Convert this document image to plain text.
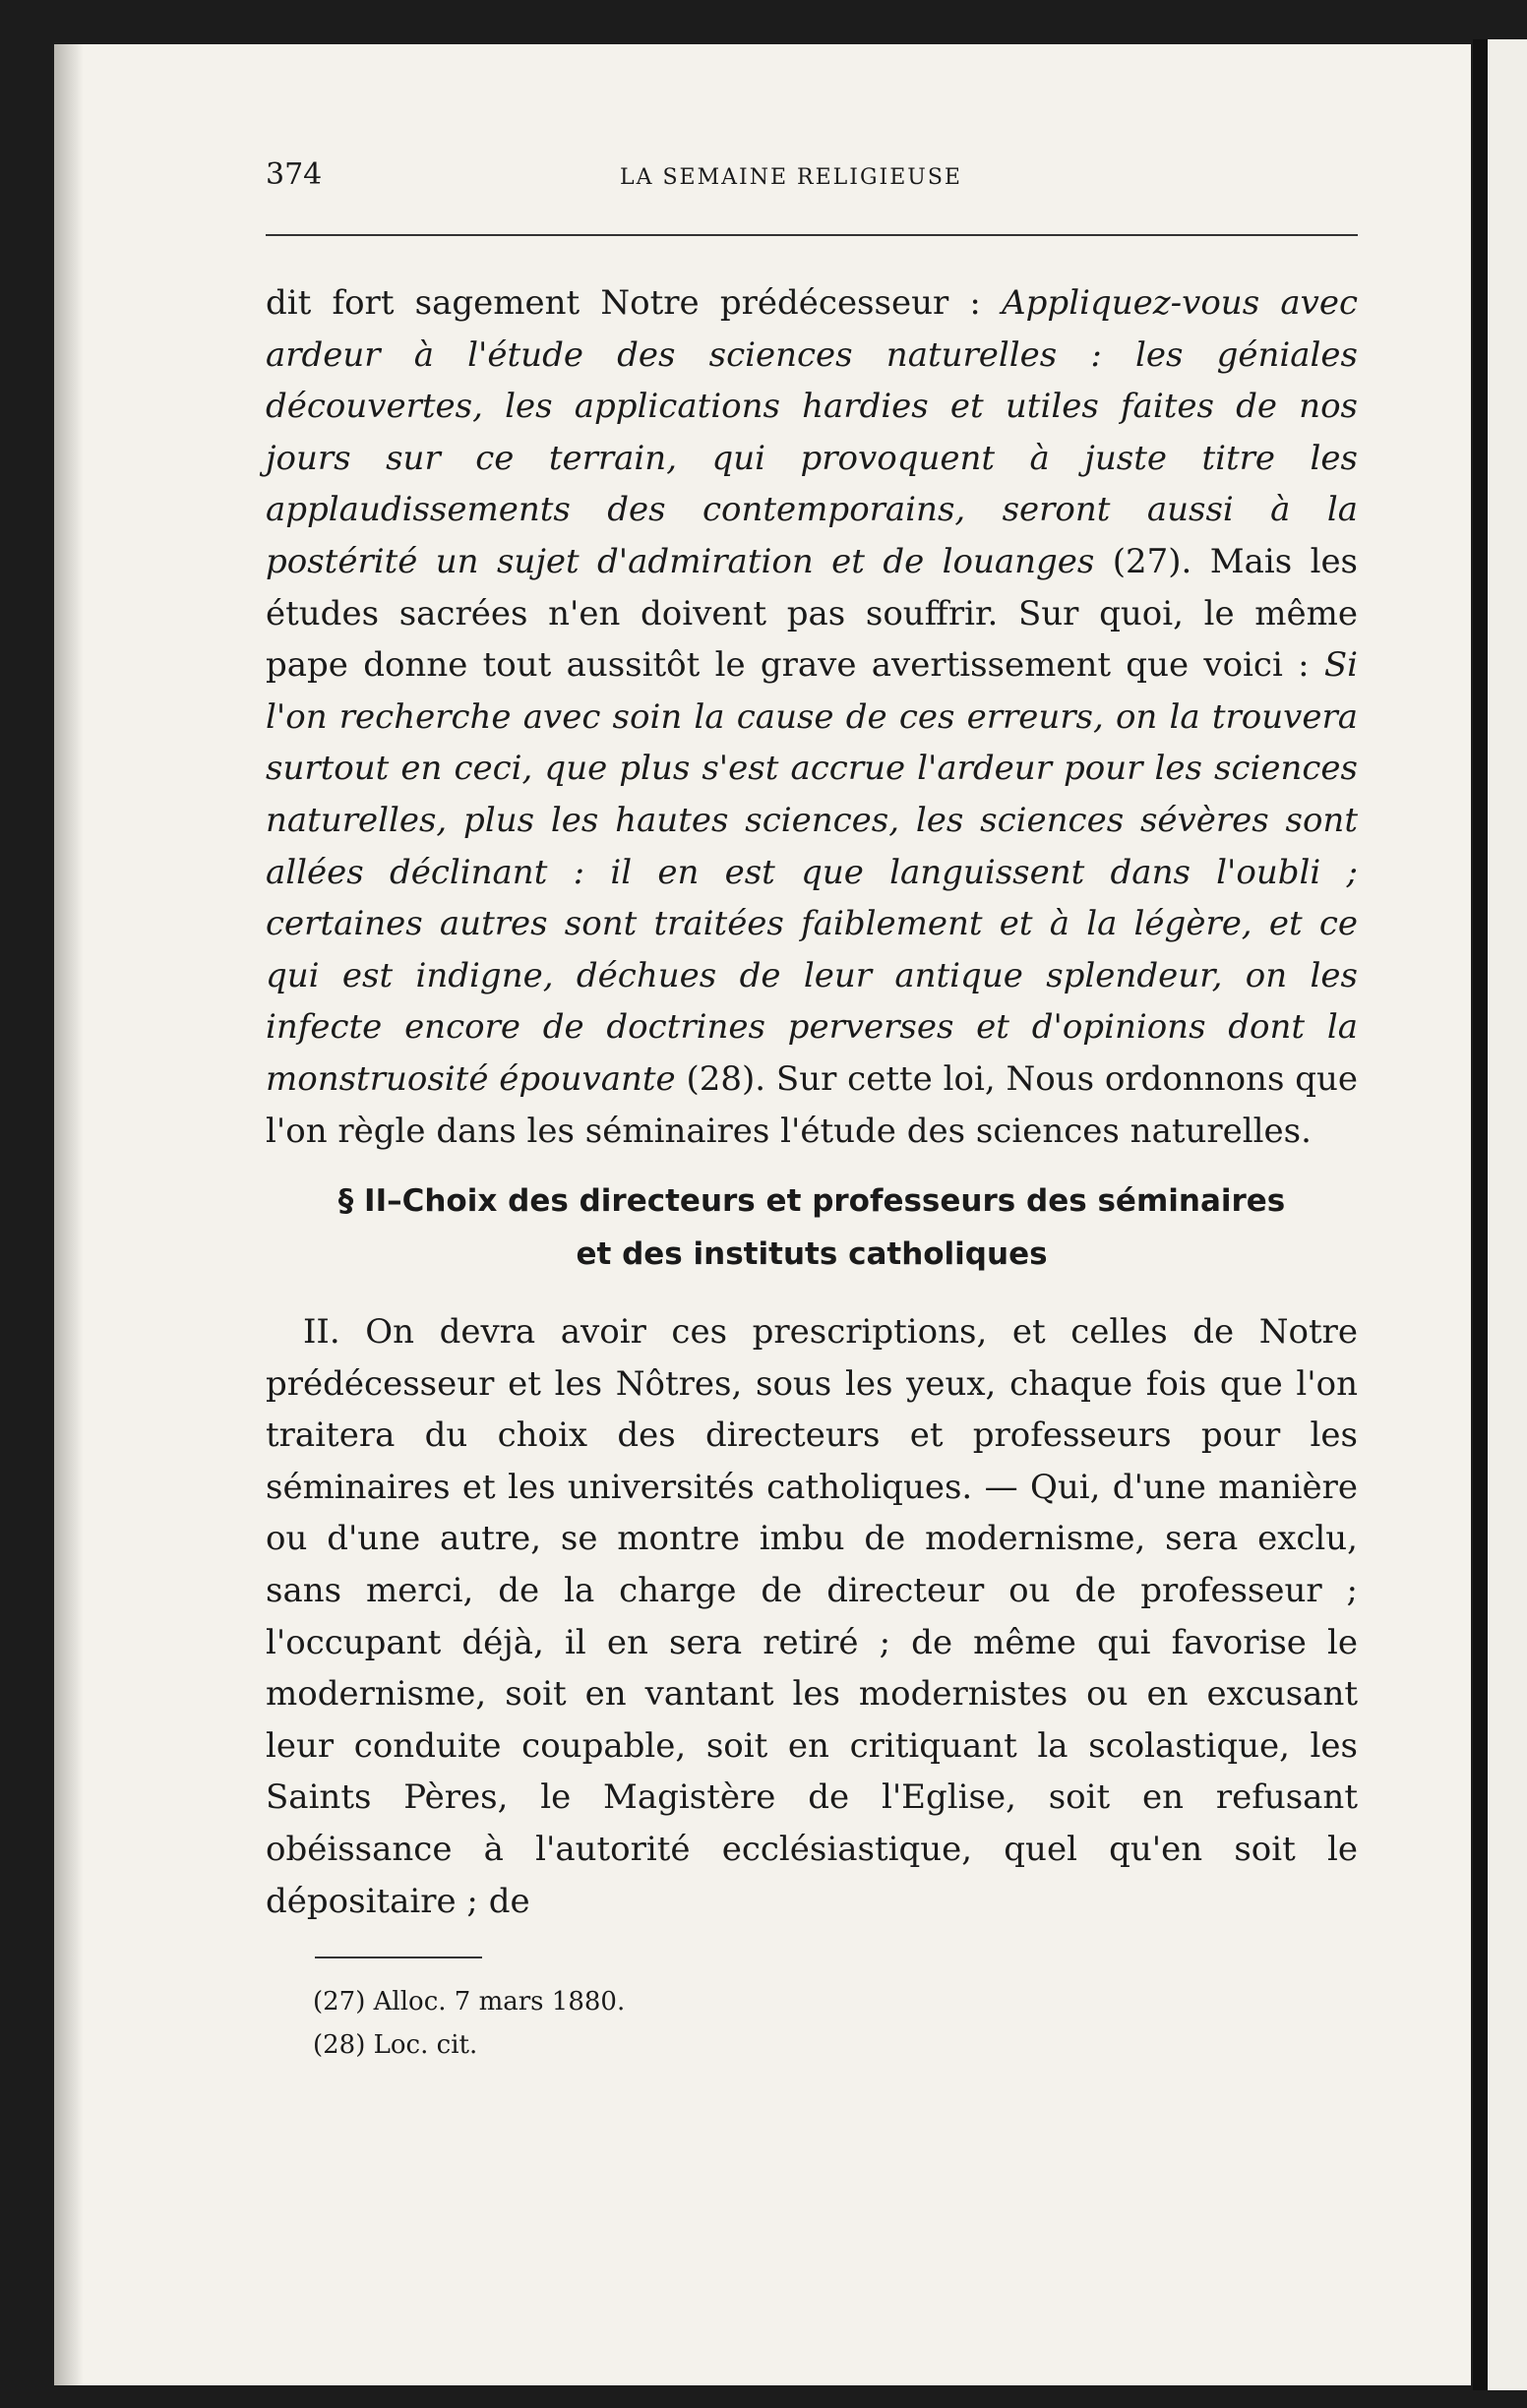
374	LA SEMAINE RELIGIEUSE

dit fort sagement Notre prédécesseur : Appliquez-vous avec ardeur à l'étude des sciences naturelles : les géniales découvertes, les applications hardies et utiles faites de nos jours sur ce terrain, qui provoquent à juste titre les applaudissements des contemporains, seront aussi à la postérité un sujet d'admiration et de louanges (27). Mais les études sacrées n'en doivent pas souffrir. Sur quoi, le même pape donne tout aussitôt le grave avertissement que voici : Si l'on recherche avec soin la cause de ces erreurs, on la trouvera surtout en ceci, que plus s'est accrue l'ardeur pour les sciences naturelles, plus les hautes sciences, les sciences sévères sont allées déclinant : il en est que languissent dans l'oubli ; certaines autres sont traitées faiblement et à la légère, et ce qui est indigne, déchues de leur antique splendeur, on les infecte encore de doctrines perverses et d'opinions dont la monstruosité épouvante (28). Sur cette loi, Nous ordonnons que l'on règle dans les séminaires l'étude des sciences naturelles.

§ II–Choix des directeurs et professeurs des séminaires
et des instituts catholiques

II. On devra avoir ces prescriptions, et celles de Notre prédécesseur et les Nôtres, sous les yeux, chaque fois que l'on traitera du choix des directeurs et professeurs pour les séminaires et les universités catholiques. — Qui, d'une manière ou d'une autre, se montre imbu de modernisme, sera exclu, sans merci, de la charge de directeur ou de professeur ; l'occupant déjà, il en sera retiré ; de même qui favorise le modernisme, soit en vantant les modernistes ou en excusant leur conduite coupable, soit en critiquant la scolastique, les Saints Pères, le Magistère de l'Eglise, soit en refusant obéissance à l'autorité ecclésiastique, quel qu'en soit le dépositaire ; de

(27) Alloc. 7 mars 1880.
(28) Loc. cit.
